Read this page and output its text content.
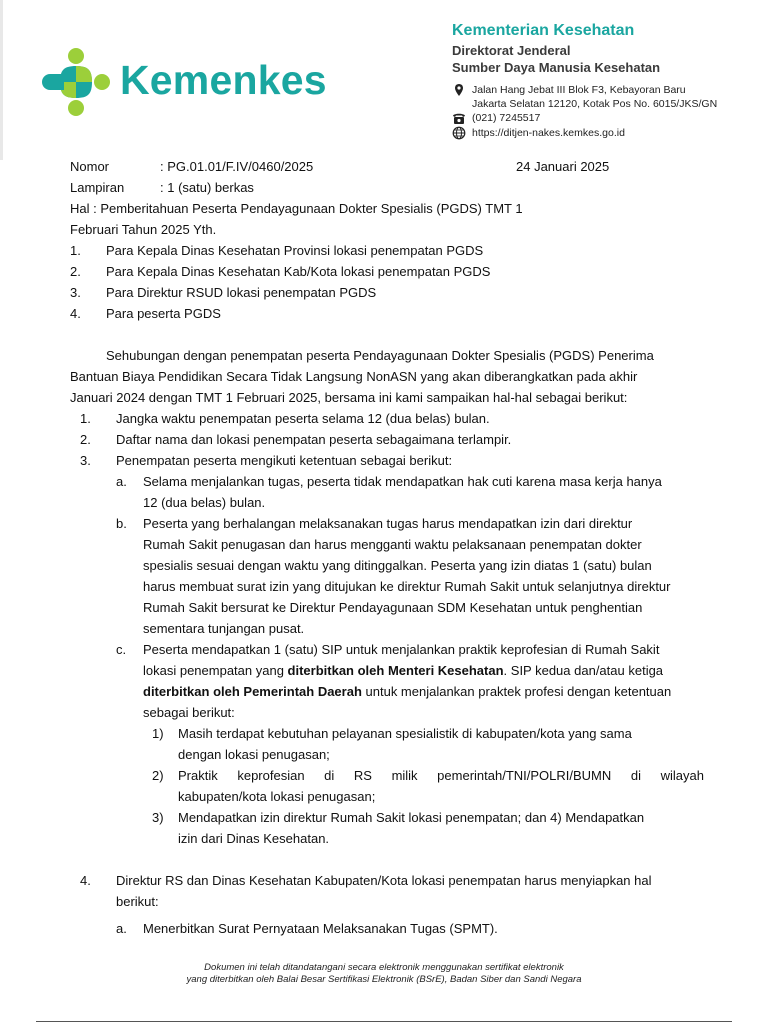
Kemenkes
Kementerian Kesehatan
Direktorat Jenderal
Sumber Daya Manusia Kesehatan
Jalan Hang Jebat III Blok F3, Kebayoran Baru
Jakarta Selatan 12120, Kotak Pos No. 6015/JKS/GN
(021) 7245517
https://ditjen-nakes.kemkes.go.id
Nomor	: PG.01.01/F.IV/0460/2025	24 Januari 2025
Lampiran	: 1 (satu) berkas
Hal : Pemberitahuan Peserta Pendayagunaan Dokter Spesialis (PGDS) TMT 1
Februari Tahun 2025 Yth.
1. Para Kepala Dinas Kesehatan Provinsi lokasi penempatan PGDS
2. Para Kepala Dinas Kesehatan Kab/Kota lokasi penempatan PGDS
3. Para Direktur RSUD lokasi penempatan PGDS
4. Para peserta PGDS
Sehubungan dengan penempatan peserta Pendayagunaan Dokter Spesialis (PGDS) Penerima
Bantuan Biaya Pendidikan Secara Tidak Langsung NonASN yang akan diberangkatkan pada akhir
Januari 2024 dengan TMT 1 Februari 2025, bersama ini kami sampaikan hal-hal sebagai berikut:
1. Jangka waktu penempatan peserta selama 12 (dua belas) bulan.
2. Daftar nama dan lokasi penempatan peserta sebagaimana terlampir.
3. Penempatan peserta mengikuti ketentuan sebagai berikut:
a. Selama menjalankan tugas, peserta tidak mendapatkan hak cuti karena masa kerja hanya
12 (dua belas) bulan.
b. Peserta yang berhalangan melaksanakan tugas harus mendapatkan izin dari direktur
Rumah Sakit penugasan dan harus mengganti waktu pelaksanaan penempatan dokter
spesialis sesuai dengan waktu yang ditinggalkan. Peserta yang izin diatas 1 (satu) bulan
harus membuat surat izin yang ditujukan ke direktur Rumah Sakit untuk selanjutnya direktur
Rumah Sakit bersurat ke Direktur Pendayagunaan SDM Kesehatan untuk penghentian
sementara tunjangan pusat.
c. Peserta mendapatkan 1 (satu) SIP untuk menjalankan praktik keprofesian di Rumah Sakit
lokasi penempatan yang diterbitkan oleh Menteri Kesehatan. SIP kedua dan/atau ketiga
diterbitkan oleh Pemerintah Daerah untuk menjalankan praktek profesi dengan ketentuan
sebagai berikut:
1) Masih terdapat kebutuhan pelayanan spesialistik di kabupaten/kota yang sama
dengan lokasi penugasan;
2) Praktik keprofesian di RS milik pemerintah/TNI/POLRI/BUMN di wilayah
kabupaten/kota lokasi penugasan;
3) Mendapatkan izin direktur Rumah Sakit lokasi penempatan; dan 4) Mendapatkan
izin dari Dinas Kesehatan.
4. Direktur RS dan Dinas Kesehatan Kabupaten/Kota lokasi penempatan harus menyiapkan hal
berikut:
a. Menerbitkan Surat Pernyataan Melaksanakan Tugas (SPMT).
Dokumen ini telah ditandatangani secara elektronik menggunakan sertifikat elektronik
yang diterbitkan oleh Balai Besar Sertifikasi Elektronik (BSrE), Badan Siber dan Sandi Negara
